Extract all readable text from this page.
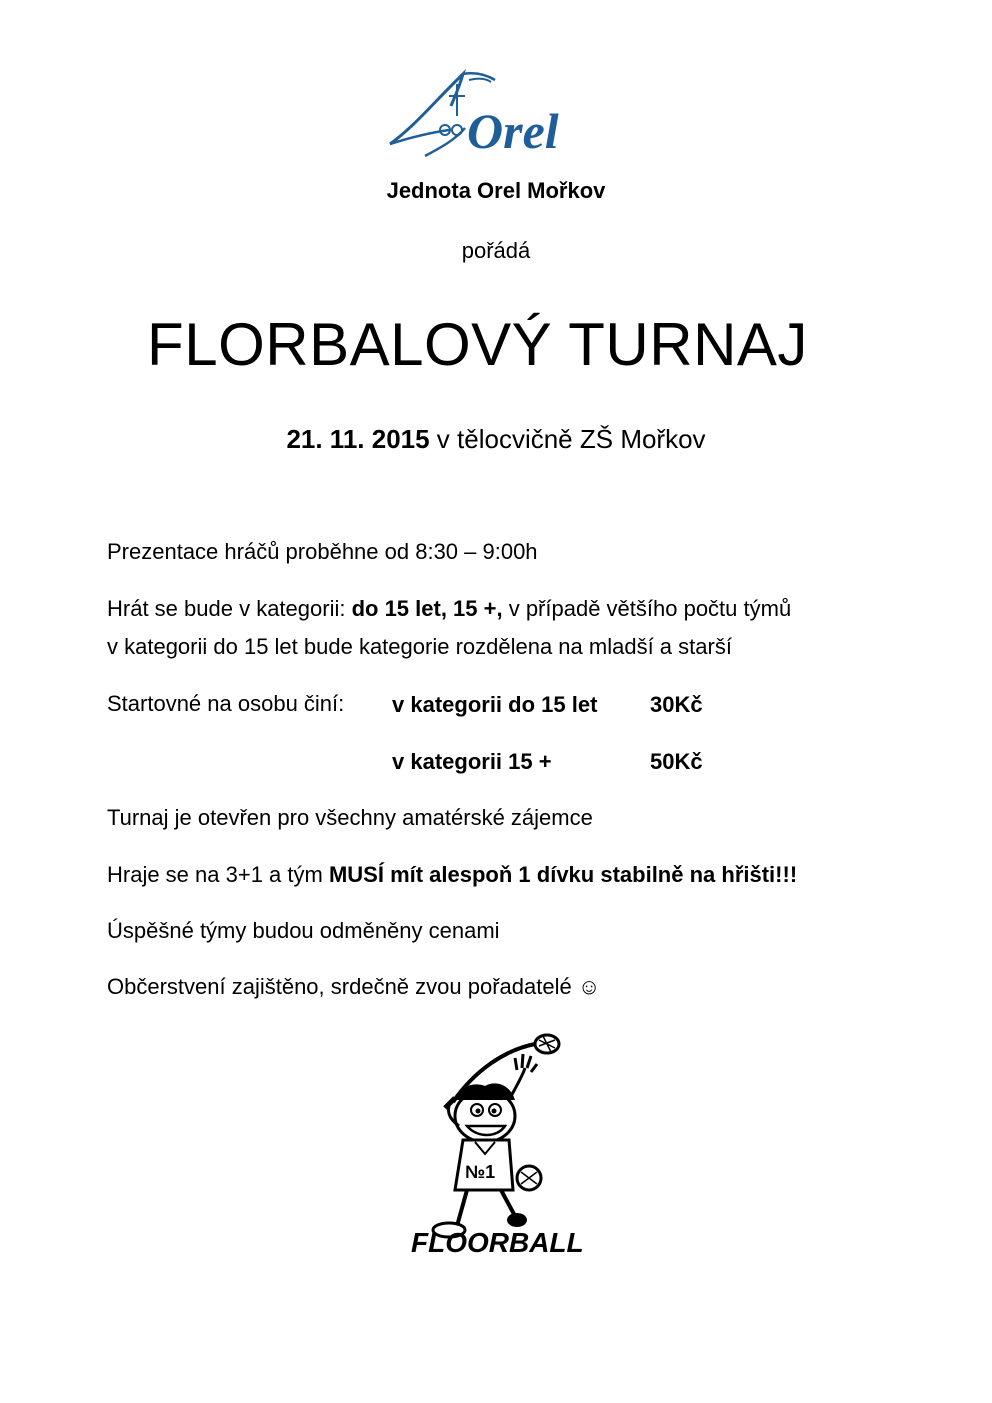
Orel
Jednota Orel Mořkov
pořádá
FLORBALOVÝ TURNAJ
21. 11. 2015 v tělocvičně ZŠ Mořkov
Prezentace hráčů proběhne od 8:30 – 9:00h
Hrát se bude v kategorii: do 15 let, 15 +, v případě většího počtu týmů
v kategorii do 15 let bude kategorie rozdělena na mladší a starší
Startovné na osobu činí: v kategorii do 15 let 30Kč
v kategorii 15 +	50Kč
Turnaj je otevřen pro všechny amatérské zájemce
Hraje se na 3+1 a tým MUSÍ mít alespoň 1 dívku stabilně na hřišti!!!
Úspěšné týmy budou odměněny cenami
Občerstvení zajištěno, srdečně zvou pořadatelé ☺
№1
FLOORBALL
